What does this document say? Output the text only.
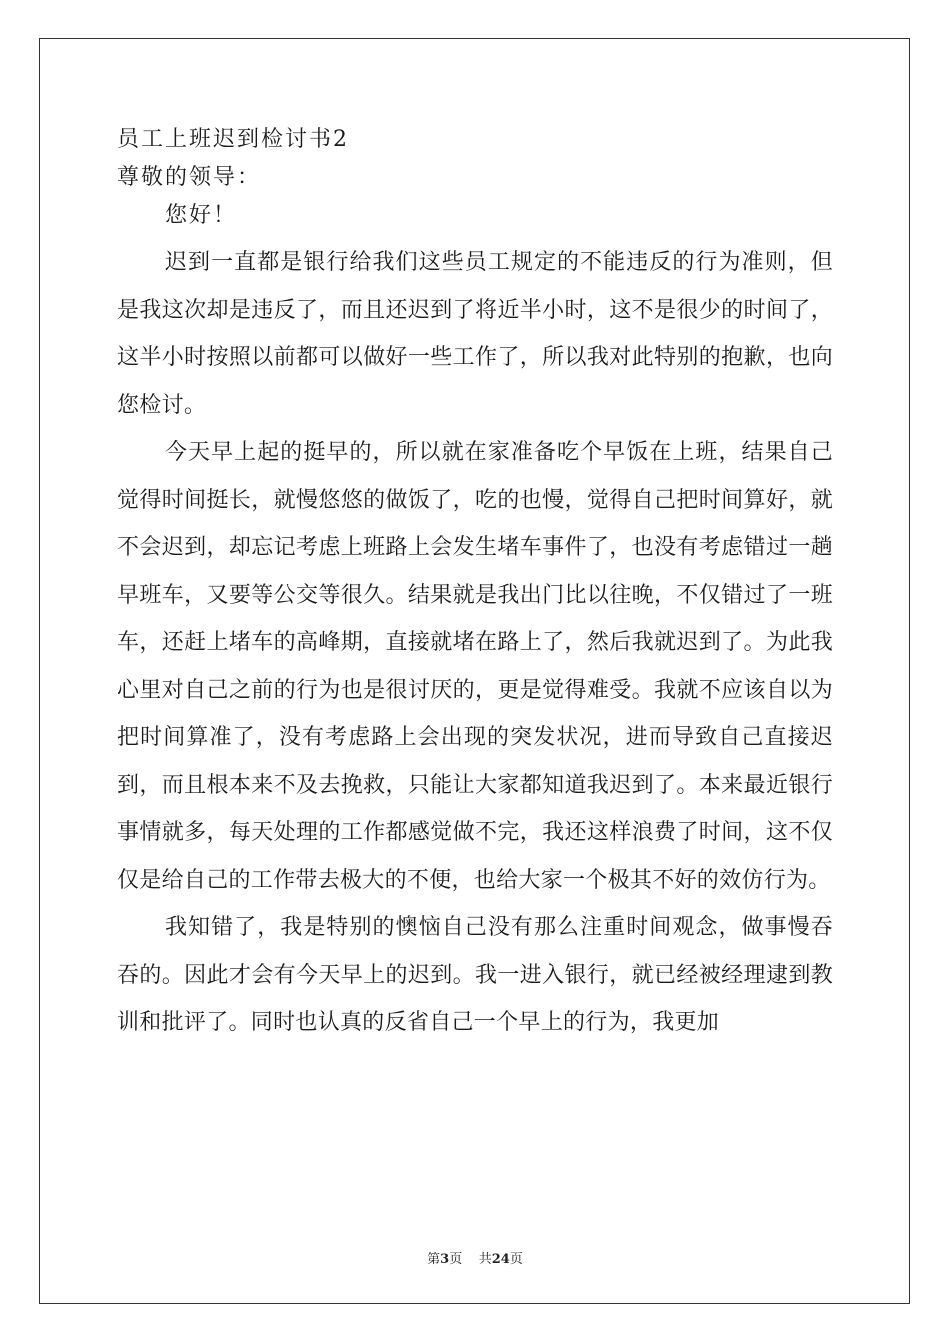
员工上班迟到检讨书2
尊敬的领导：
您好！

迟到一直都是银行给我们这些员工规定的不能违反的行为准则，但是我这次却是违反了，而且还迟到了将近半小时，这不是很少的时间了，这半小时按照以前都可以做好一些工作了，所以我对此特别的抱歉，也向您检讨。

今天早上起的挺早的，所以就在家准备吃个早饭在上班，结果自己觉得时间挺长，就慢悠悠的做饭了，吃的也慢，觉得自己把时间算好，就不会迟到，却忘记考虑上班路上会发生堵车事件了，也没有考虑错过一趟早班车，又要等公交等很久。结果就是我出门比以往晚，不仅错过了一班车，还赶上堵车的高峰期，直接就堵在路上了，然后我就迟到了。为此我心里对自己之前的行为也是很讨厌的，更是觉得难受。我就不应该自以为把时间算准了，没有考虑路上会出现的突发状况，进而导致自己直接迟到，而且根本来不及去挽救，只能让大家都知道我迟到了。本来最近银行事情就多，每天处理的工作都感觉做不完，我还这样浪费了时间，这不仅仅是给自己的工作带去极大的不便，也给大家一个极其不好的效仿行为。

我知错了，我是特别的懊恼自己没有那么注重时间观念，做事慢吞吞的。因此才会有今天早上的迟到。我一进入银行，就已经被经理逮到教训和批评了。同时也认真的反省自己一个早上的行为，我更加

第3页 共24页
